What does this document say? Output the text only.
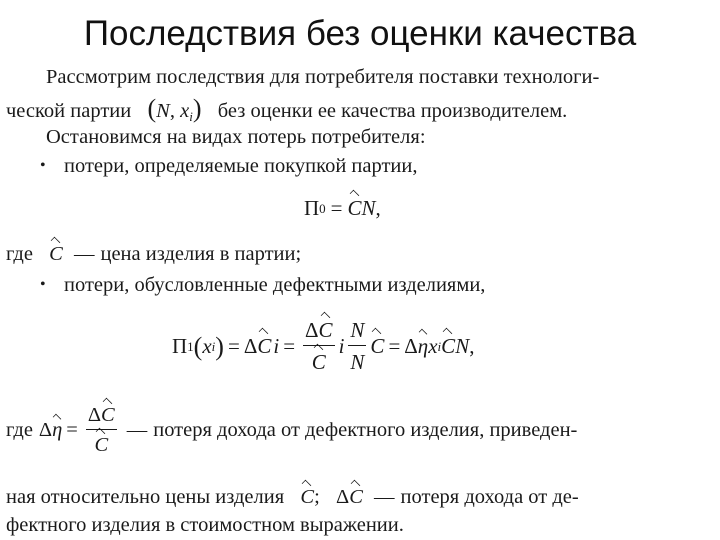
Последствия без оценки качества
Рассмотрим последствия для потребителя поставки технологи-
ческой партии (N, $x_i$) без оценки ее качества производителем.
Остановимся на видах потерь потребителя:
• потери, определяемые покупкой партии,
П 0 = C N ,
где C — цена изделия в партии;
• потери, обусловленные дефектными изделиями,
П 1 ( x i ) = Δ C $i = \frac{\Delta C}{C}$ i $\frac{N}{N}$ C = Δ η x i C N ,
где Δ $\eta = \frac{\Delta C}{C}$ — потеря дохода от дефектного изделия, приведен-
ная относительно цены изделия C; ΔC — потеря дохода от де-
фектного изделия в стоимостном выражении.
